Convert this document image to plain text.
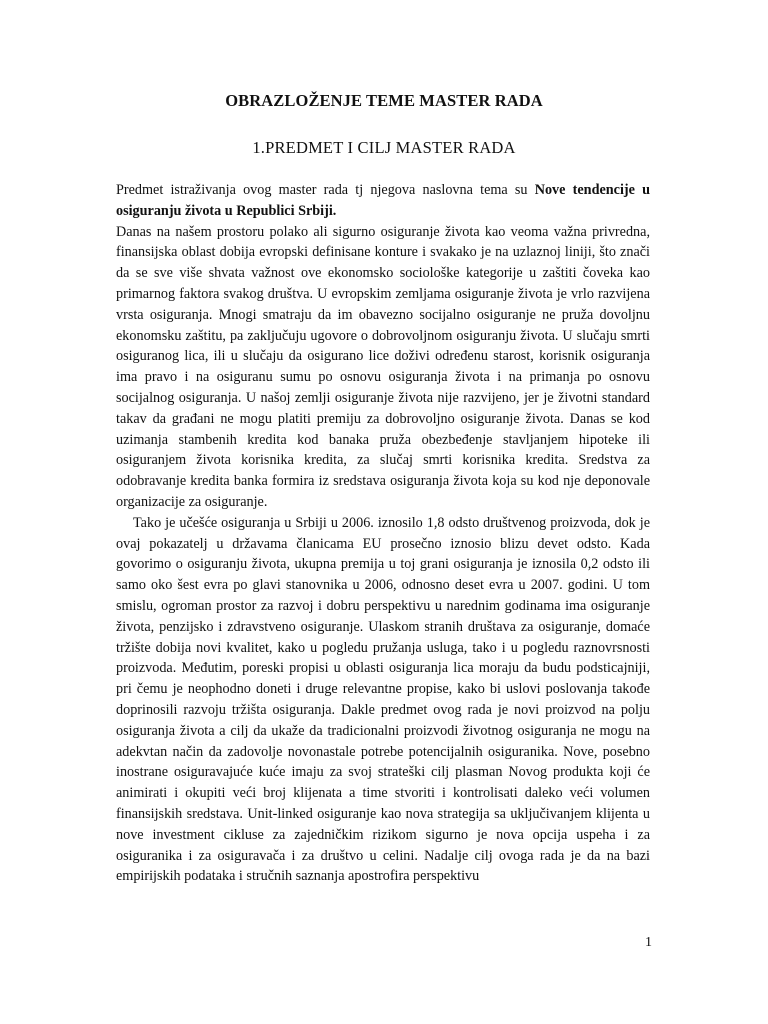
OBRAZLOŽENJE TEME MASTER RADA
1.PREDMET I CILJ MASTER RADA

Predmet istraživanja ovog master rada tj njegova naslovna tema su Nove tendencije u osiguranju života u Republici Srbiji.

Danas na našem prostoru polako ali sigurno osiguranje života kao veoma važna privredna, finansijska oblast dobija evropski definisane konture i svakako je na uzlaznoj liniji, što znači da se sve više shvata važnost ove ekonomsko sociološke kategorije u zaštiti čoveka kao primarnog faktora svakog društva. U evropskim zemljama osiguranje života je vrlo razvijena vrsta osiguranja. Mnogi smatraju da im obavezno socijalno osiguranje ne pruža dovoljnu ekonomsku zaštitu, pa zaključuju ugovore o dobrovoljnom osiguranju života. U slučaju smrti osiguranog lica, ili u slučaju da osigurano lice doživi određenu starost, korisnik osiguranja ima pravo i na osiguranu sumu po osnovu osiguranja života i na primanja po osnovu socijalnog osiguranja. U našoj zemlji osiguranje života nije razvijeno, jer je životni standard takav da građani ne mogu platiti premiju za dobrovoljno osiguranje života. Danas se kod uzimanja stambenih kredita kod banaka pruža obezbeđenje stavljanjem hipoteke ili osiguranjem života korisnika kredita, za slučaj smrti korisnika kredita. Sredstva za odobravanje kredita banka formira iz sredstava osiguranja života koja su kod nje deponovale organizacije za osiguranje.

Tako je učešće osiguranja u Srbiji u 2006. iznosilo 1,8 odsto društvenog proizvoda, dok je ovaj pokazatelj u državama članicama EU prosečno iznosio blizu devet odsto. Kada govorimo o osiguranju života, ukupna premija u toj grani osiguranja je iznosila 0,2 odsto ili samo oko šest evra po glavi stanovnika u 2006, odnosno deset evra u 2007. godini. U tom smislu, ogroman prostor za razvoj i dobru perspektivu u narednim godinama ima osiguranje života, penzijsko i zdravstveno osiguranje. Ulaskom stranih društava za osiguranje, domaće tržište dobija novi kvalitet, kako u pogledu pružanja usluga, tako i u pogledu raznovrsnosti proizvoda. Međutim, poreski propisi u oblasti osiguranja lica moraju da budu podsticajniji, pri čemu je neophodno doneti i druge relevantne propise, kako bi uslovi poslovanja takođe doprinosili razvoju tržišta osiguranja. Dakle predmet ovog rada je novi proizvod na polju osiguranja života a cilj da ukaže da tradicionalni proizvodi životnog osiguranja ne mogu na adekvtan način da zadovolje novonastale potrebe potencijalnih osiguranika. Nove, posebno inostrane osiguravajuće kuće imaju za svoj strateški cilj plasman Novog produkta koji će animirati i okupiti veći broj klijenata a time stvoriti i kontrolisati daleko veći volumen finansijskih sredstava. Unit-linked osiguranje kao nova strategija sa uključivanjem klijenta u nove investment cikluse za zajedničkim rizikom sigurno je nova opcija uspeha i za osiguranika i za osiguravača i za društvo u celini. Nadalje cilj ovoga rada je da na bazi empirijskih podataka i stručnih saznanja apostrofira perspektivu

1
